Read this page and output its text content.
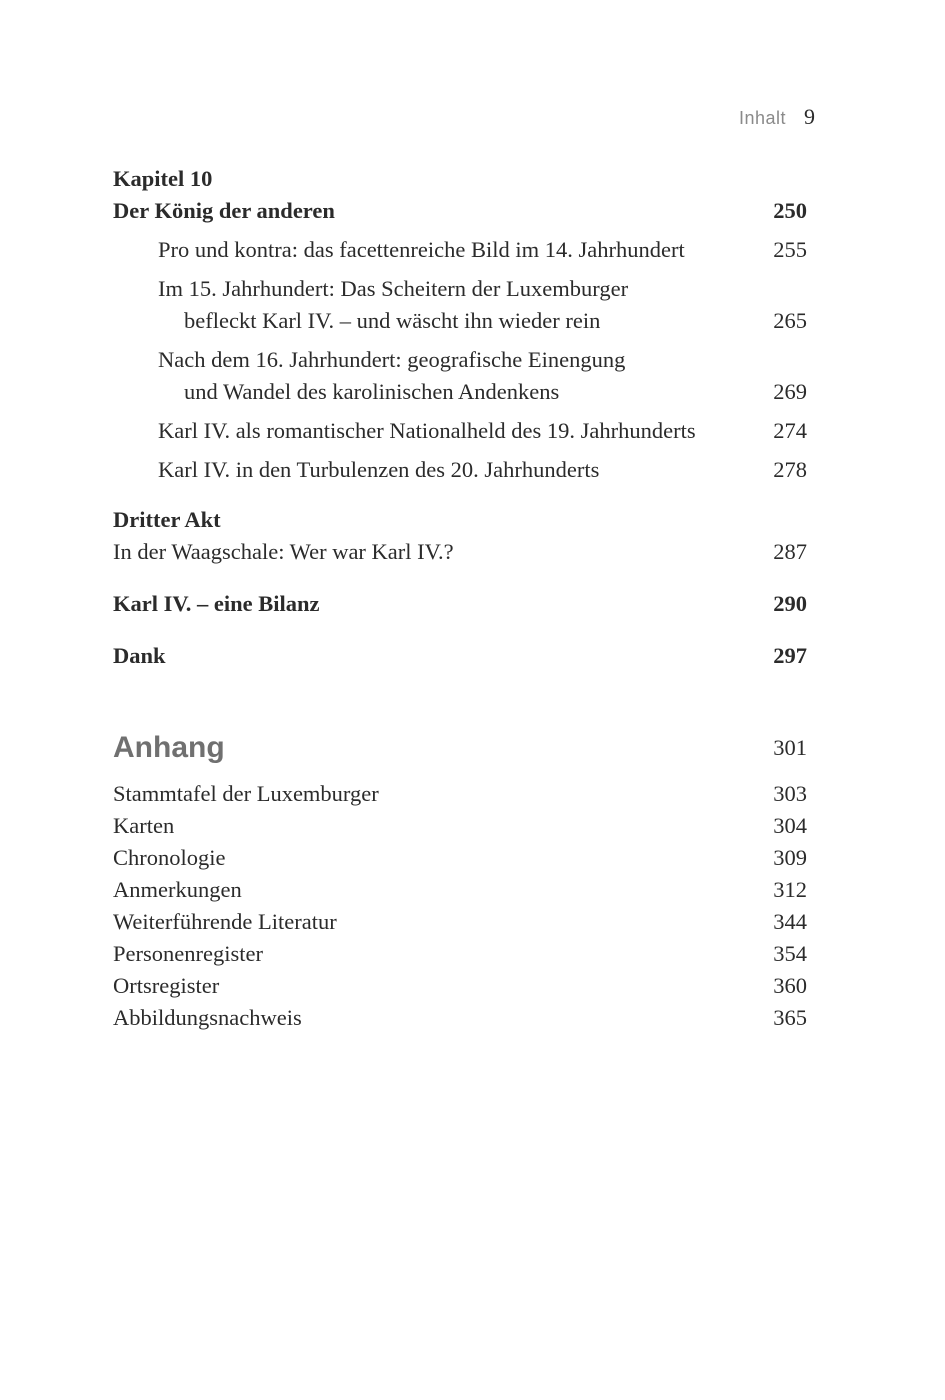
Inhalt 9
Kapitel 10
Der König der anderen	250
Pro und kontra: das facettenreiche Bild im 14. Jahrhundert	255
Im 15. Jahrhundert: Das Scheitern der Luxemburger
befleckt Karl IV. – und wäscht ihn wieder rein	265
Nach dem 16. Jahrhundert: geografische Einengung
und Wandel des karolinischen Andenkens	269
Karl IV. als romantischer Nationalheld des 19. Jahrhunderts	274
Karl IV. in den Turbulenzen des 20. Jahrhunderts	278
Dritter Akt
In der Waagschale: Wer war Karl IV.?	287
Karl IV. – eine Bilanz	290
Dank	297
Anhang	301
Stammtafel der Luxemburger	303
Karten	304
Chronologie	309
Anmerkungen	312
Weiterführende Literatur	344
Personenregister	354
Ortsregister	360
Abbildungsnachweis	365
